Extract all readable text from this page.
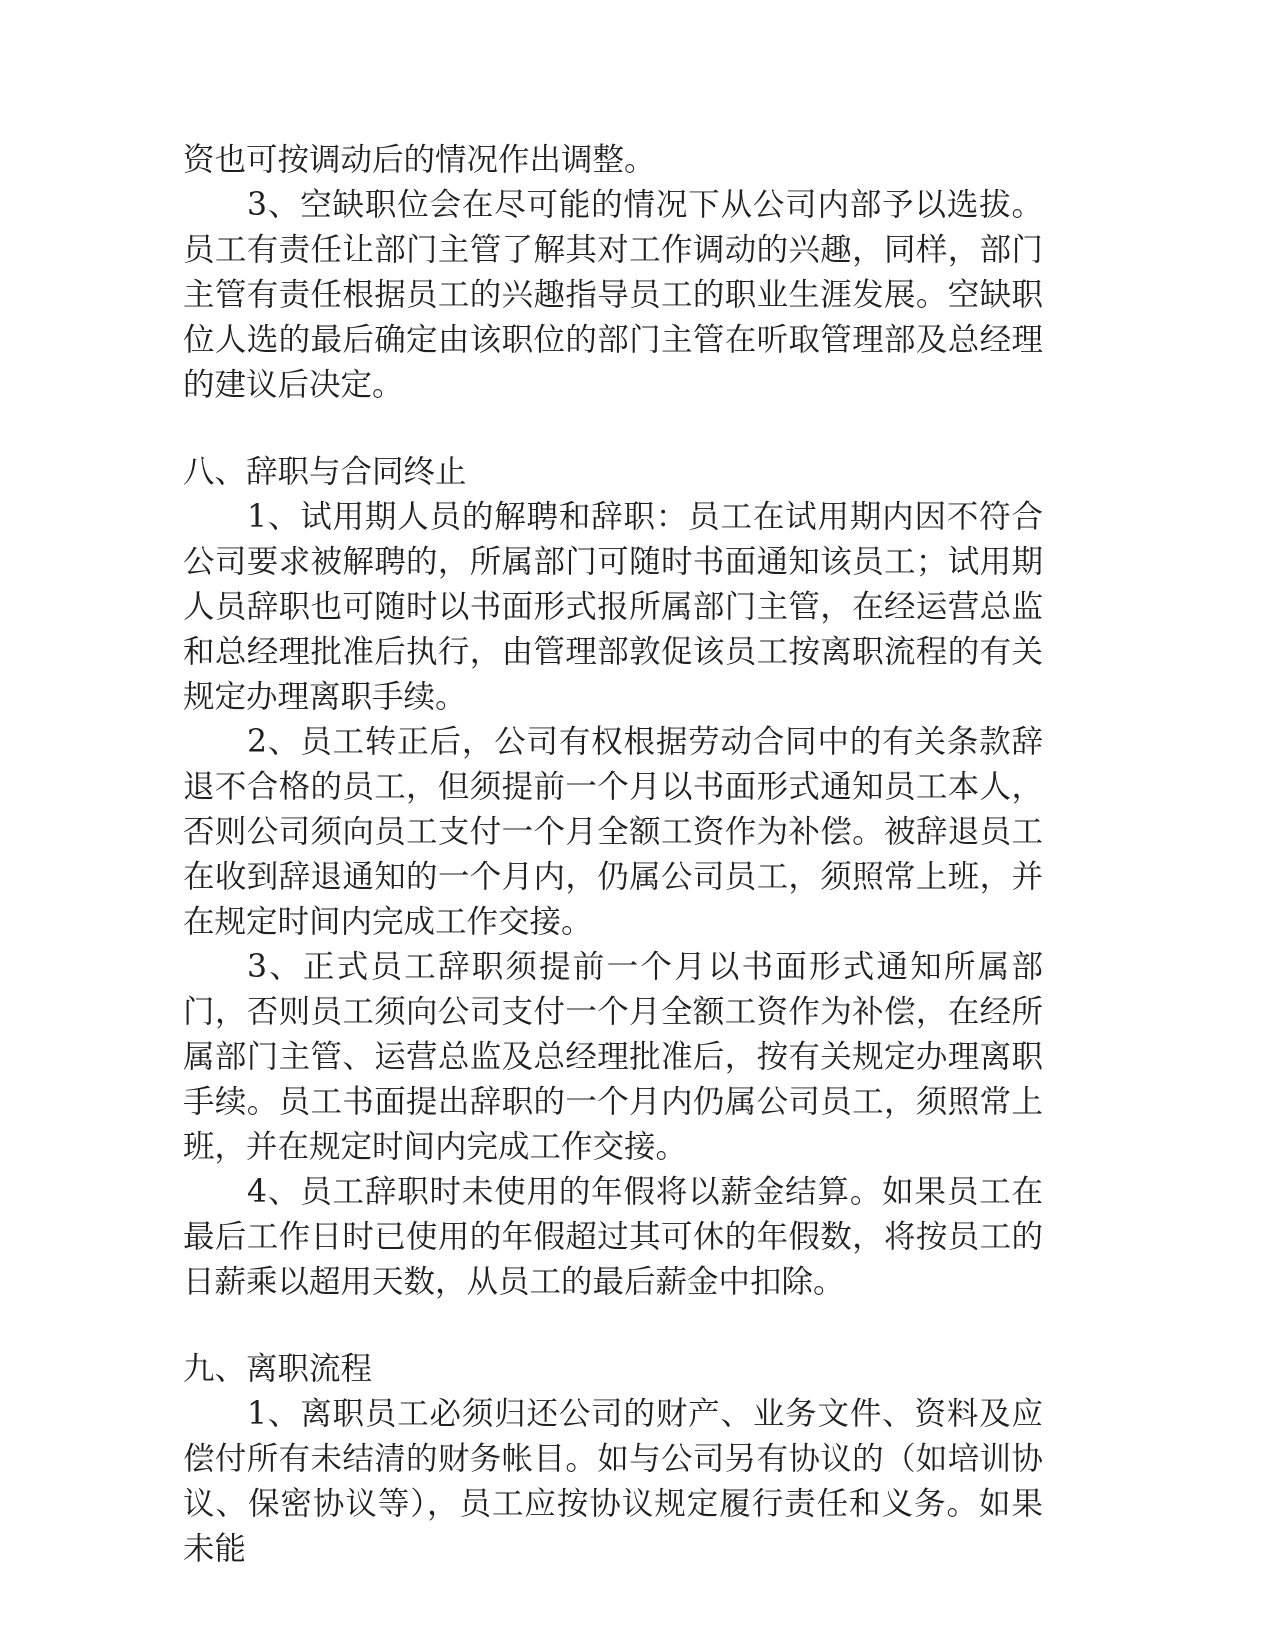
资也可按调动后的情况作出调整。

3、空缺职位会在尽可能的情况下从公司内部予以选拔。员工有责任让部门主管了解其对工作调动的兴趣，同样，部门主管有责任根据员工的兴趣指导员工的职业生涯发展。空缺职位人选的最后确定由该职位的部门主管在听取管理部及总经理的建议后决定。

八、辞职与合同终止

1、试用期人员的解聘和辞职：员工在试用期内因不符合公司要求被解聘的，所属部门可随时书面通知该员工；试用期人员辞职也可随时以书面形式报所属部门主管，在经运营总监和总经理批准后执行，由管理部敦促该员工按离职流程的有关规定办理离职手续。

2、员工转正后，公司有权根据劳动合同中的有关条款辞退不合格的员工，但须提前一个月以书面形式通知员工本人，否则公司须向员工支付一个月全额工资作为补偿。被辞退员工在收到辞退通知的一个月内，仍属公司员工，须照常上班，并在规定时间内完成工作交接。

3、正式员工辞职须提前一个月以书面形式通知所属部门，否则员工须向公司支付一个月全额工资作为补偿，在经所属部门主管、运营总监及总经理批准后，按有关规定办理离职手续。员工书面提出辞职的一个月内仍属公司员工，须照常上班，并在规定时间内完成工作交接。

4、员工辞职时未使用的年假将以薪金结算。如果员工在最后工作日时已使用的年假超过其可休的年假数，将按员工的日薪乘以超用天数，从员工的最后薪金中扣除。

九、离职流程

1、离职员工必须归还公司的财产、业务文件、资料及应偿付所有未结清的财务帐目。如与公司另有协议的（如培训协议、保密协议等），员工应按协议规定履行责任和义务。如果未能
